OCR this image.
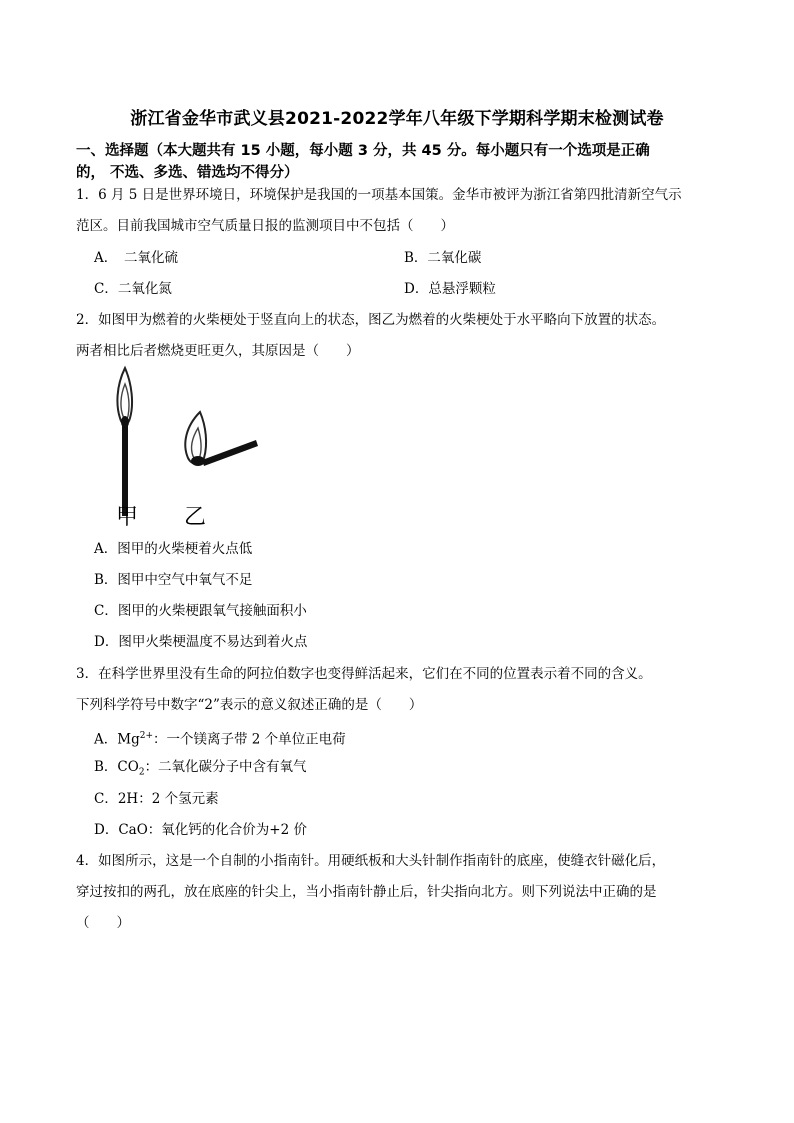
浙江省金华市武义县2021-2022学年八年级下学期科学期末检测试卷
一、选择题（本大题共有 15 小题，每小题 3 分，共 45 分。每小题只有一个选项是正确
的， 不选、多选、错选均不得分）
1．6 月 5 日是世界环境日，环境保护是我国的一项基本国策。金华市被评为浙江省第四批清新空气示
范区。目前我国城市空气质量日报的监测项目中不包括（　　）
A．　二氧化硫	B．二氧化碳
C．二氧化氮	D．总悬浮颗粒
2．如图甲为燃着的火柴梗处于竖直向上的状态，图乙为燃着的火柴梗处于水平略向下放置的状态。
两者相比后者燃烧更旺更久，其原因是（　　）
甲 乙
A．图甲的火柴梗着火点低
B．图甲中空气中氧气不足
C．图甲的火柴梗跟氧气接触面积小
D．图甲火柴梗温度不易达到着火点
3．在科学世界里没有生命的阿拉伯数字也变得鲜活起来，它们在不同的位置表示着不同的含义。
下列科学符号中数字“2”表示的意义叙述正确的是（　　）
A．$Mg^{2+}$：一个镁离子带 2 个单位正电荷
B．$CO_2$：二氧化碳分子中含有氧气
C．2H：2 个氢元素
D．CaO：氧化钙的化合价为+2 价
4．如图所示，这是一个自制的小指南针。用硬纸板和大头针制作指南针的底座，使缝衣针磁化后，
穿过按扣的两孔，放在底座的针尖上，当小指南针静止后，针尖指向北方。则下列说法中正确的是
（　　）
